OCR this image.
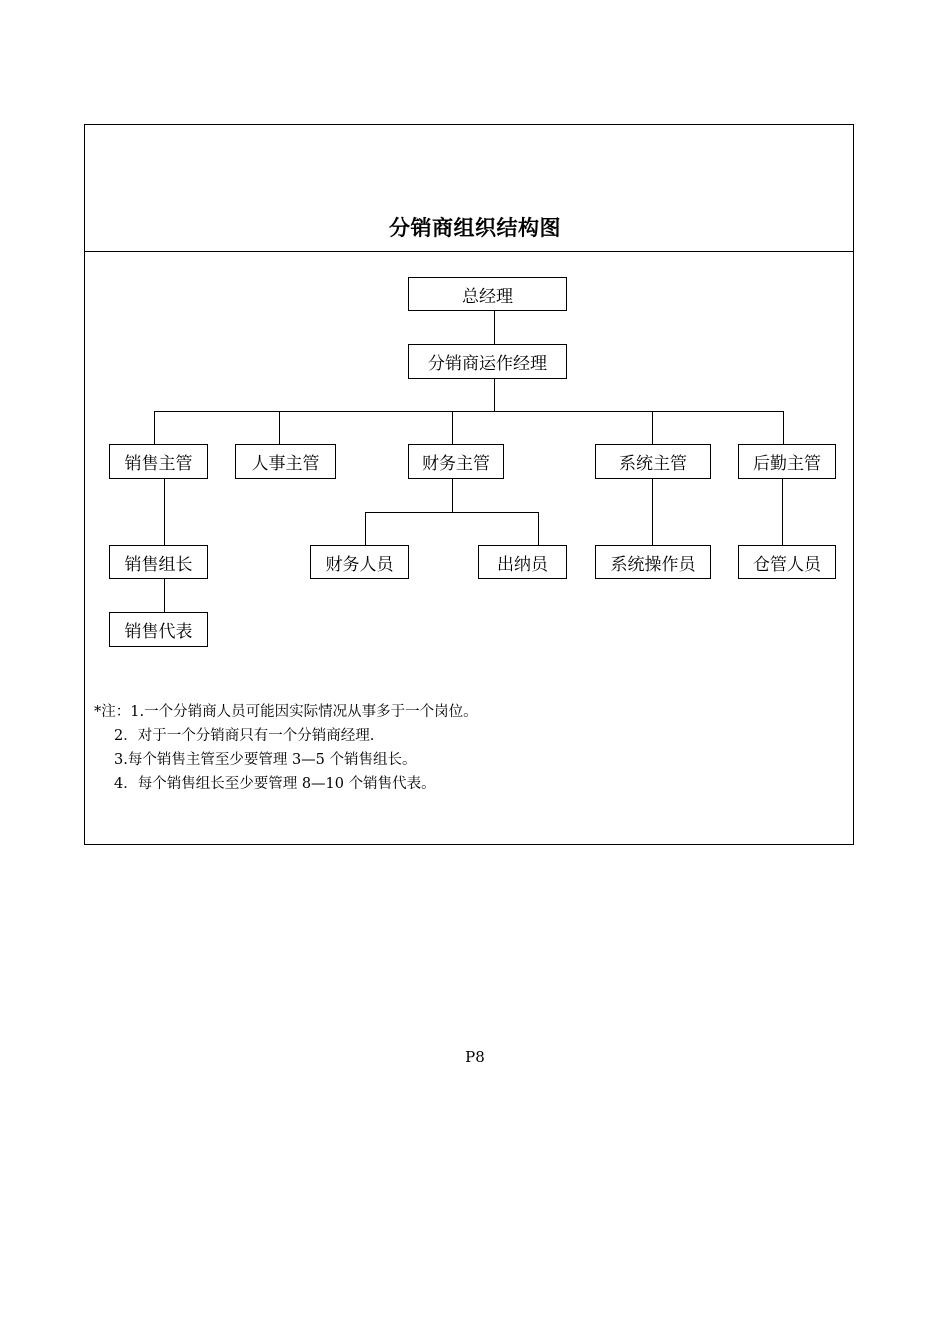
分销商组织结构图
总经理
分销商运作经理
销售主管	人事主管	财务主管	系统主管	后勤主管
销售组长	财务人员	出纳员	系统操作员	仓管人员
销售代表
*注：1.一个分销商人员可能因实际情况从事多于一个岗位。
2．对于一个分销商只有一个分销商经理.
3.每个销售主管至少要管理 3—5 个销售组长。
4．每个销售组长至少要管理 8—10 个销售代表。
P8
